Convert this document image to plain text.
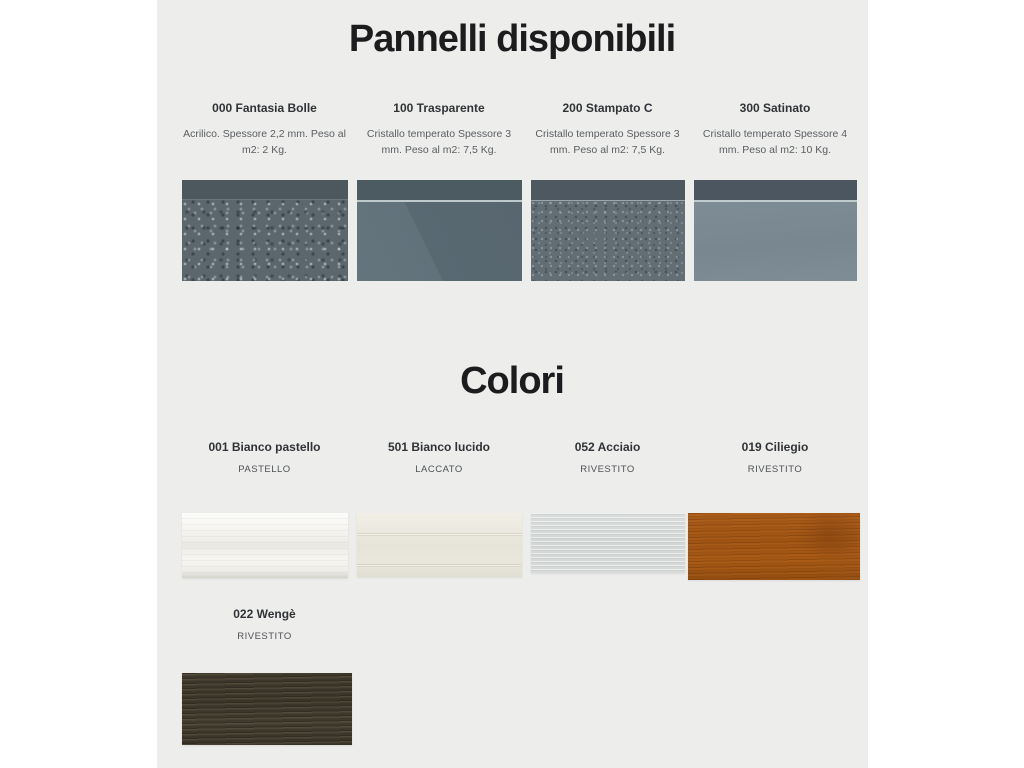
Pannelli disponibili
000 Fantasia Bolle

Acrilico. Spessore 2,2 mm. Peso al m2: 2 Kg.

100 Trasparente

Cristallo temperato Spessore 3 mm. Peso al m2: 7,5 Kg.

200 Stampato C

Cristallo temperato Spessore 3 mm. Peso al m2: 7,5 Kg.

300 Satinato

Cristallo temperato Spessore 4 mm. Peso al m2: 10 Kg.

Colori
001 Bianco pastello

PASTELLO

501 Bianco lucido

LACCATO

052 Acciaio

RIVESTITO

019 Ciliegio

RIVESTITO

022 Wengè

RIVESTITO
